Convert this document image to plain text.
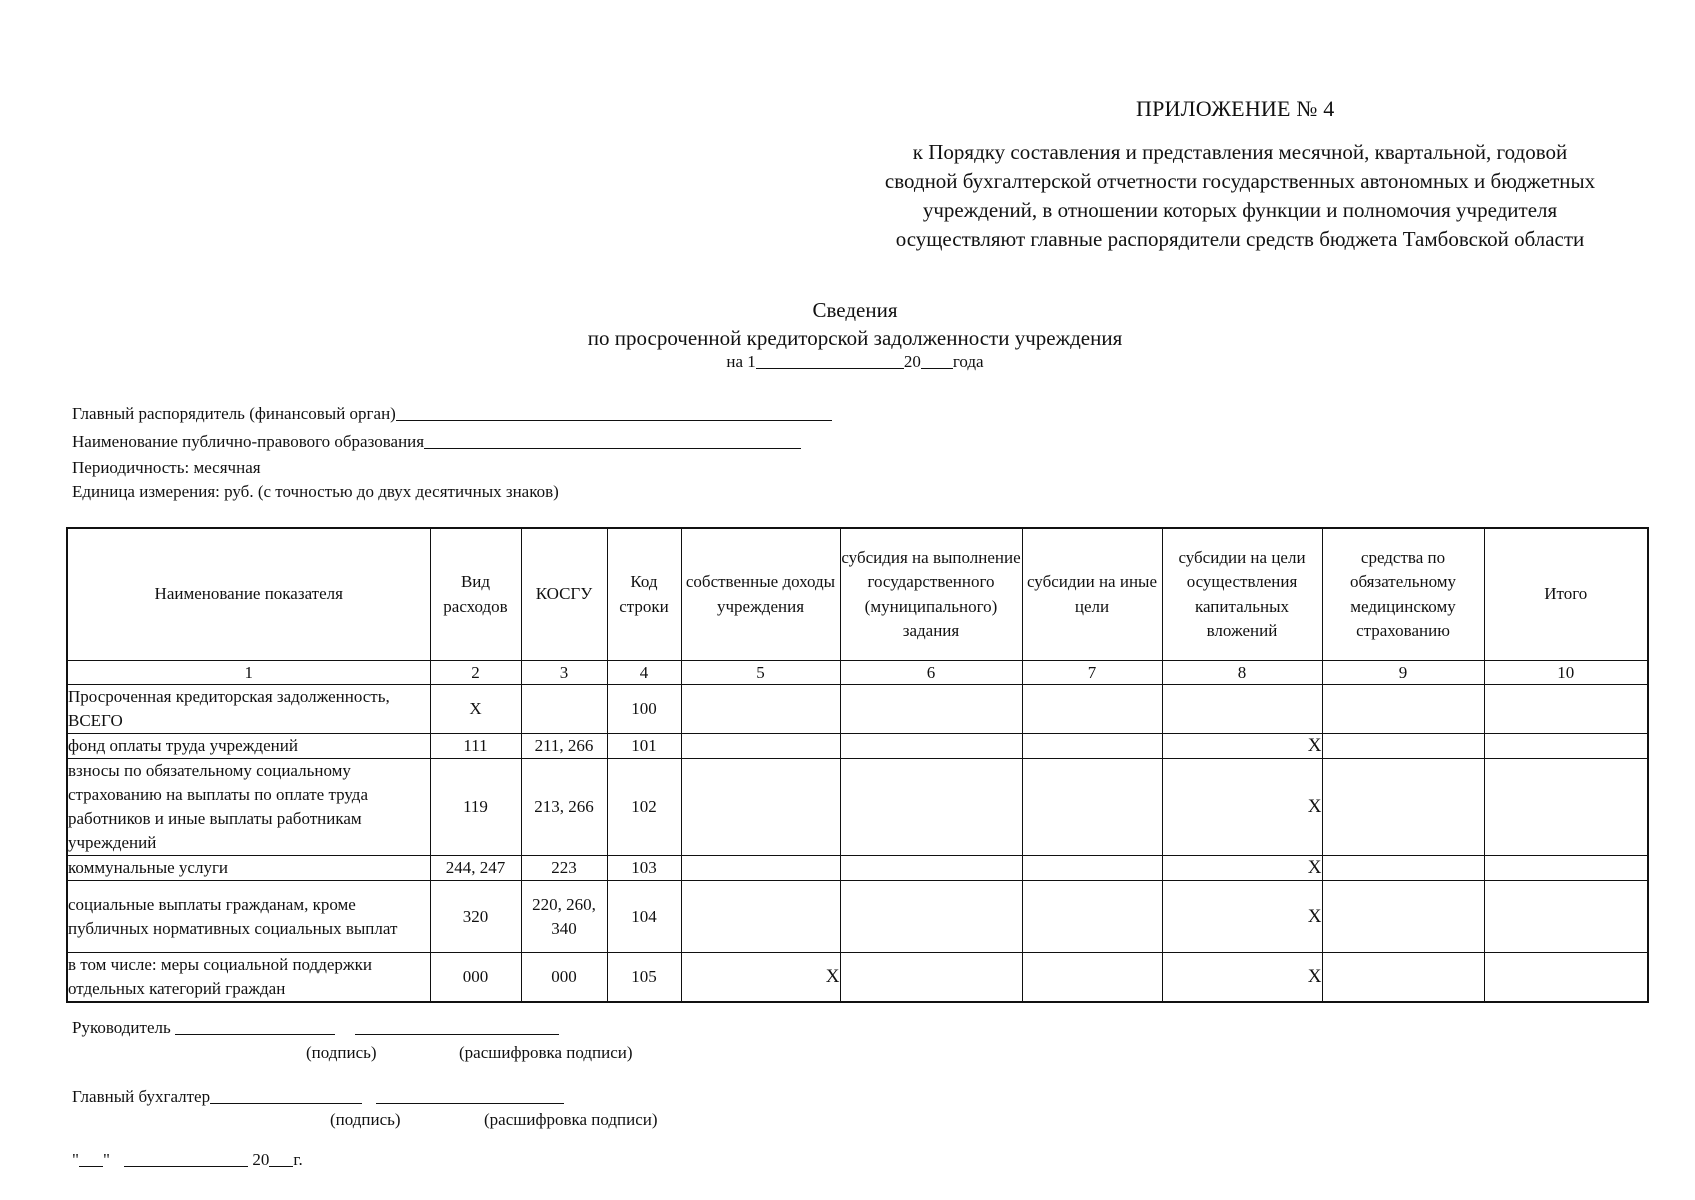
ПРИЛОЖЕНИЕ № 4
к Порядку составления и представления месячной, квартальной, годовой
сводной бухгалтерской отчетности государственных автономных и бюджетных
учреждений, в отношении которых функции и полномочия учредителя
осуществляют главные распорядители средств бюджета Тамбовской области
Сведения
по просроченной кредиторской задолженности учреждения
на 1	20 года
Главный распорядитель (финансовый орган)
Наименование публично-правового образования
Периодичность: месячная
Единица измерения: руб. (с точностью до двух десятичных знаков)
Наименование показателя	Вид расходов	КОСГУ	Код строки	собственные доходы учреждения	субсидия на выполнение государственного (муниципального) задания	субсидии на иные цели	субсидии на цели осуществления капитальных вложений	средства по обязательному медицинскому страхованию	Итого
1	2	3	4	5	6	7	8	9	10
Просроченная кредиторская задолженность, ВСЕГО	X		100						
фонд оплаты труда учреждений	111	211, 266	101				X		
взносы по обязательному социальному страхованию на выплаты по оплате труда работников и иные выплаты работникам учреждений	119	213, 266	102				X		
коммунальные услуги	244, 247	223	103				X		
социальные выплаты гражданам, кроме публичных нормативных социальных выплат	320	220, 260, 340	104				X		
в том числе: меры социальной поддержки отдельных категорий граждан	000	000	105	X			X		
Руководитель
(подпись)	(расшифровка подписи)
Главный бухгалтер
(подпись)	(расшифровка подписи)
" "	20 г.
